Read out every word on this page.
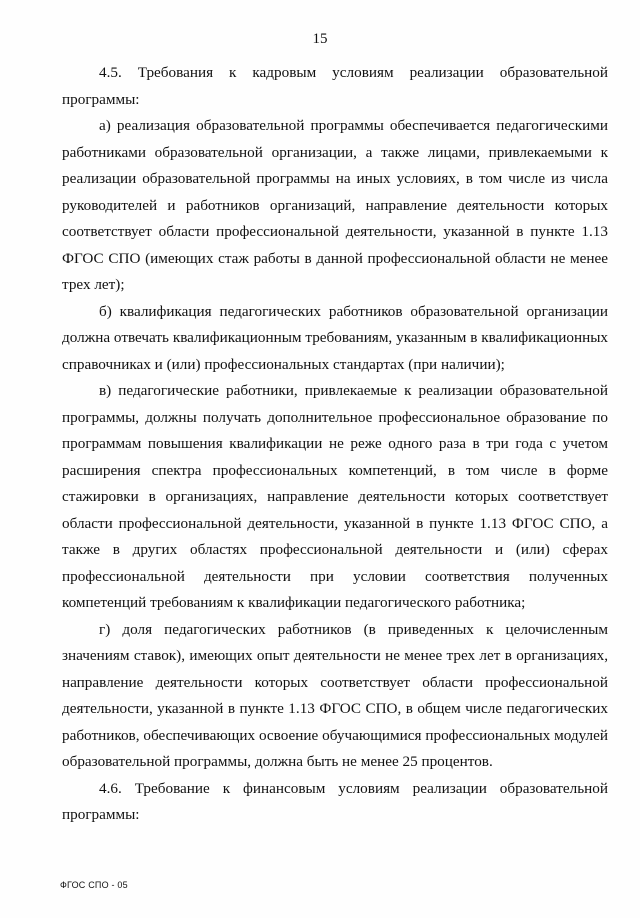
15

4.5. Требования к кадровым условиям реализации образовательной программы:

а) реализация образовательной программы обеспечивается педагогическими работниками образовательной организации, а также лицами, привлекаемыми к реализации образовательной программы на иных условиях, в том числе из числа руководителей и работников организаций, направление деятельности которых соответствует области профессиональной деятельности, указанной в пункте 1.13 ФГОС СПО (имеющих стаж работы в данной профессиональной области не менее трех лет);

б) квалификация педагогических работников образовательной организации должна отвечать квалификационным требованиям, указанным в квалификационных справочниках и (или) профессиональных стандартах (при наличии);

в) педагогические работники, привлекаемые к реализации образовательной программы, должны получать дополнительное профессиональное образование по программам повышения квалификации не реже одного раза в три года с учетом расширения спектра профессиональных компетенций, в том числе в форме стажировки в организациях, направление деятельности которых соответствует области профессиональной деятельности, указанной в пункте 1.13 ФГОС СПО, а также в других областях профессиональной деятельности и (или) сферах профессиональной деятельности при условии соответствия полученных компетенций требованиям к квалификации педагогического работника;

г) доля педагогических работников (в приведенных к целочисленным значениям ставок), имеющих опыт деятельности не менее трех лет в организациях, направление деятельности которых соответствует области профессиональной деятельности, указанной в пункте 1.13 ФГОС СПО, в общем числе педагогических работников, обеспечивающих освоение обучающимися профессиональных модулей образовательной программы, должна быть не менее 25 процентов.

4.6. Требование к финансовым условиям реализации образовательной программы:

ФГОС СПО - 05
